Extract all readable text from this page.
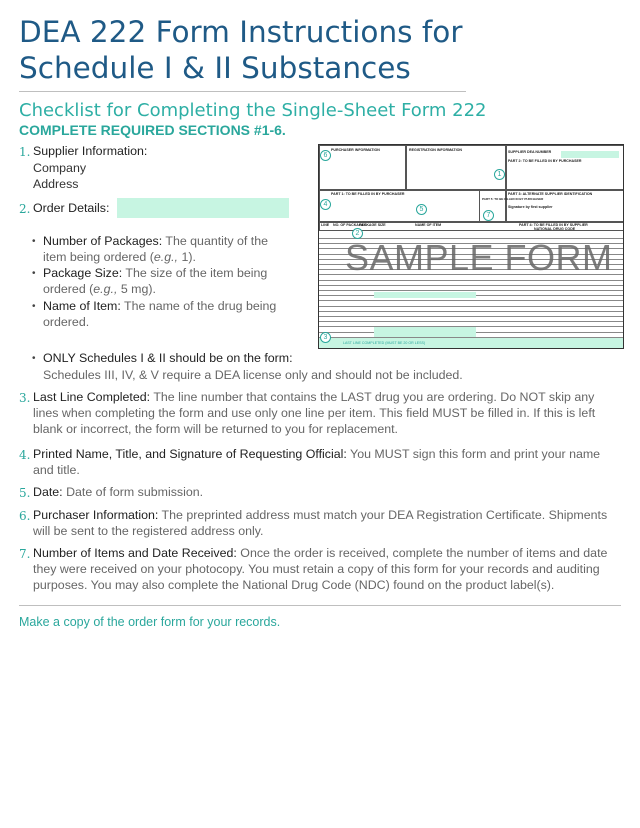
DEA 222 Form Instructions for
Schedule I & II Substances
Checklist for Completing the Single-Sheet Form 222
COMPLETE REQUIRED SECTIONS #1-6.
1. Supplier Information:
Company
Address
2. Order Details:
• Number of Packages: The quantity of the
item being ordered (e.g., 1).
• Package Size: The size of the item being
ordered (e.g., 5 mg).
• Name of Item: The name of the drug being
ordered.
• ONLY Schedules I & II should be on the form:
Schedules III, IV, & V require a DEA license only and should not be included.
3. Last Line Completed: The line number that contains the LAST drug you are ordering. Do NOT skip any lines when completing the form and use only one line per item. This field MUST be filled in. If this is left blank or incorrect, the form will be returned to you for replacement.
4. Printed Name, Title, and Signature of Requesting Official: You MUST sign this form and print your name and title.
5. Date: Date of form submission.
6. Purchaser Information: The preprinted address must match your DEA Registration Certificate. Shipments will be sent to the registered address only.
7. Number of Items and Date Received: Once the order is received, complete the number of items and date they were received on your photocopy. You must retain a copy of this form for your records and auditing purposes. You may also complete the National Drug Code (NDC) found on the product label(s).
Make a copy of the order form for your records.
PURCHASER INFORMATION	REGISTRATION INFORMATION	SUPPLIER DEA NUMBER
PART 2: TO BE FILLED IN BY PURCHASER
PART 1: TO BE FILLED IN BY PURCHASER	PART 3: ALTERNATE SUPPLIER IDENTIFICATION
Signature by first supplier
LINE NO. OF PACKAGES
PACKAGE SIZE	NAME OF ITEM	PART 4: TO BE FILLED IN BY SUPPLIER
NATIONAL DRUG CODE
PART 5: TO BE FILLED IN BY PURCHASER
LAST LINE COMPLETED (MUST BE 20 OR LESS)
6
1
4
5
7
2
3
SAMPLE FORM
